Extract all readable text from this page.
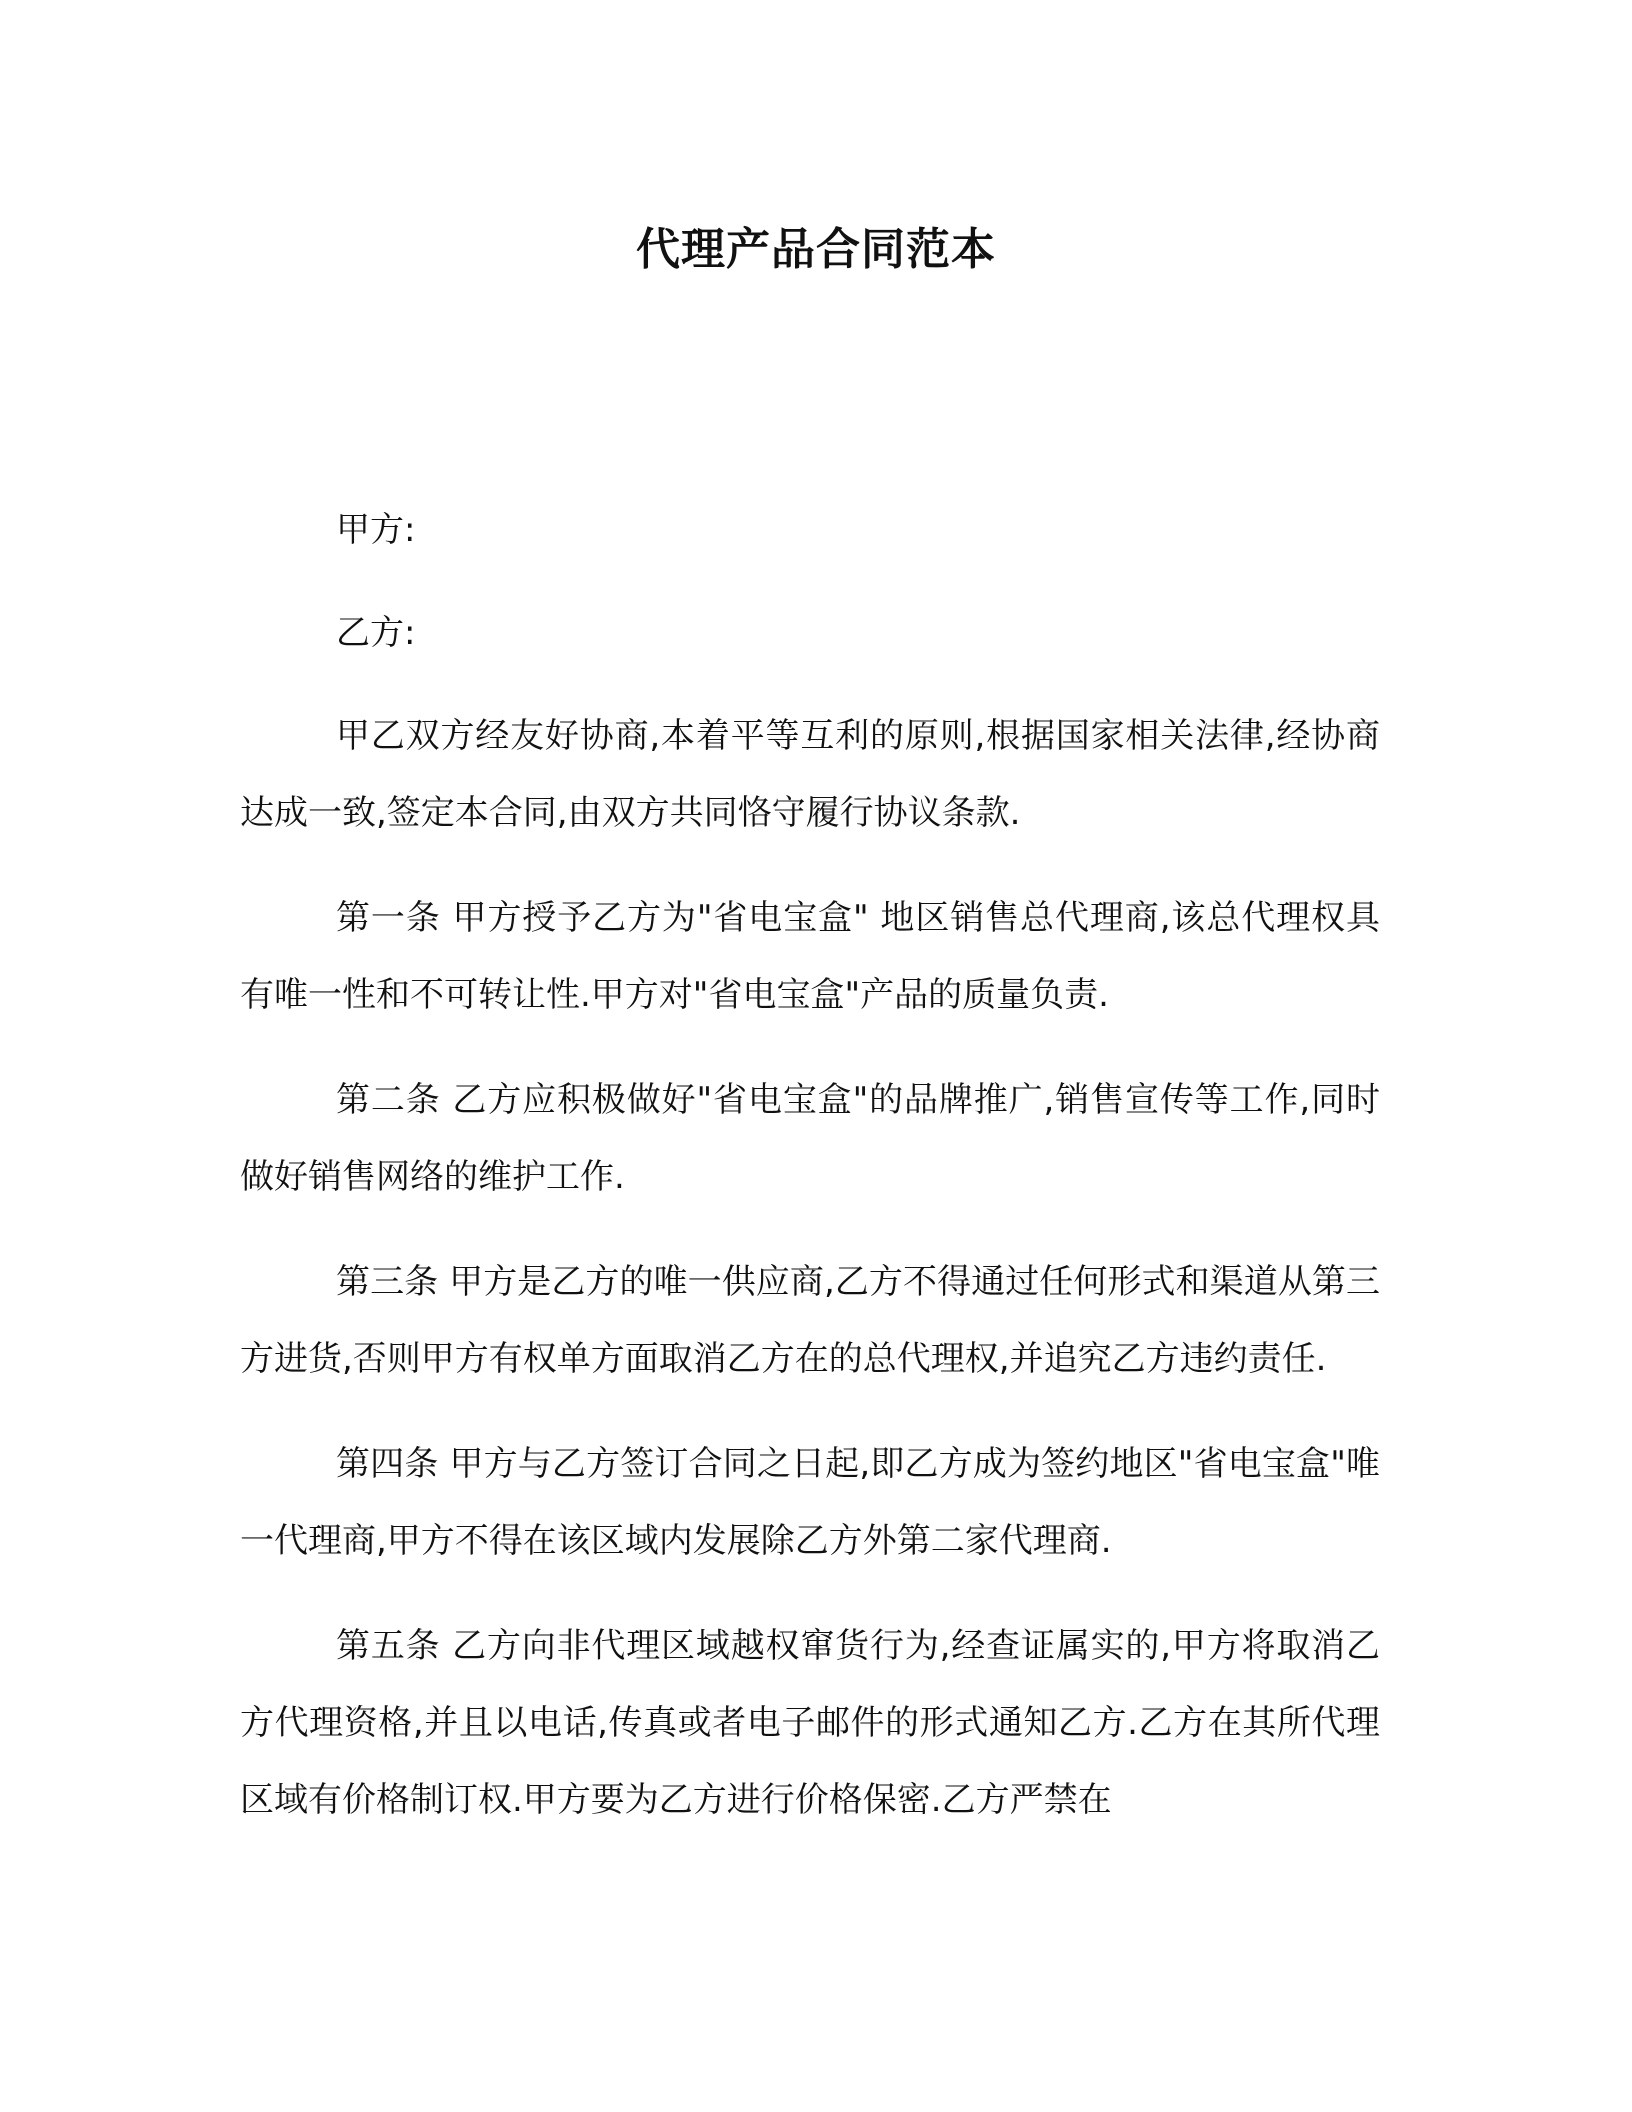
代理产品合同范本

甲方:

乙方:

甲乙双方经友好协商,本着平等互利的原则,根据国家相关法律,经协商达成一致,签定本合同,由双方共同恪守履行协议条款.

第一条 甲方授予乙方为"省电宝盒" 地区销售总代理商,该总代理权具有唯一性和不可转让性.甲方对"省电宝盒"产品的质量负责.

第二条 乙方应积极做好"省电宝盒"的品牌推广,销售宣传等工作,同时做好销售网络的维护工作.

第三条 甲方是乙方的唯一供应商,乙方不得通过任何形式和渠道从第三方进货,否则甲方有权单方面取消乙方在的总代理权,并追究乙方违约责任.

第四条 甲方与乙方签订合同之日起,即乙方成为签约地区"省电宝盒"唯一代理商,甲方不得在该区域内发展除乙方外第二家代理商.

第五条 乙方向非代理区域越权窜货行为,经查证属实的,甲方将取消乙方代理资格,并且以电话,传真或者电子邮件的形式通知乙方.乙方在其所代理区域有价格制订权.甲方要为乙方进行价格保密.乙方严禁在
